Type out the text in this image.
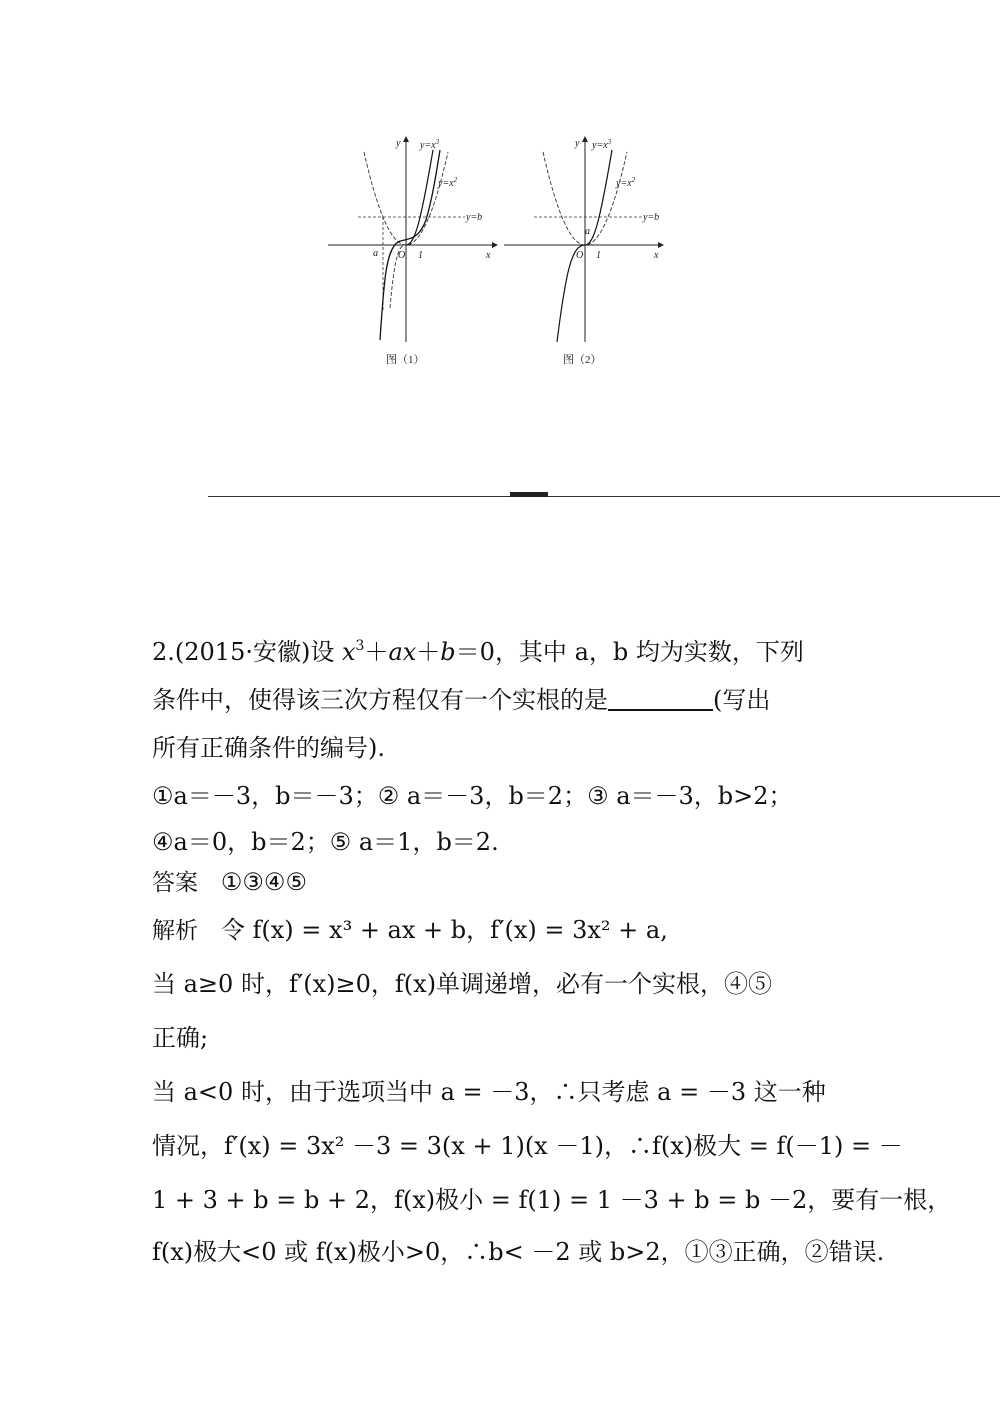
y
x
O 1
a
$y=x^3$
$y=x^2$
y=b
图（1）
y
x
O 1
a
$y=x^3$
$y=x^2$
y=b
图（2）
2.(2015·安徽)设 $x^3+ax+b=0$，其中 a，b 均为实数，下列
条件中，使得该三次方程仅有一个实根的是	(写出
所有正确条件的编号).
①a＝－3，b＝－3；② a＝－3，b＝2；③ a＝－3，b>2；
④a＝0，b＝2；⑤ a＝1，b＝2.
答案 ①③④⑤
解析 令 f(x) = x³ + ax + b，f′(x) = 3x² + a,
当 a≥0 时，f′(x)≥0，f(x)单调递增，必有一个实根，④⑤
正确;
当 a<0 时，由于选项当中 a = －3，∴只考虑 a = －3 这一种
情况，f′(x) = 3x² －3 = 3(x + 1)(x －1)，∴f(x)极大 = f(－1) = －
1 + 3 + b = b + 2，f(x)极小 = f(1) = 1 －3 + b = b －2，要有一根，
f(x)极大<0 或 f(x)极小>0，∴b< －2 或 b>2，①③正确，②错误.
